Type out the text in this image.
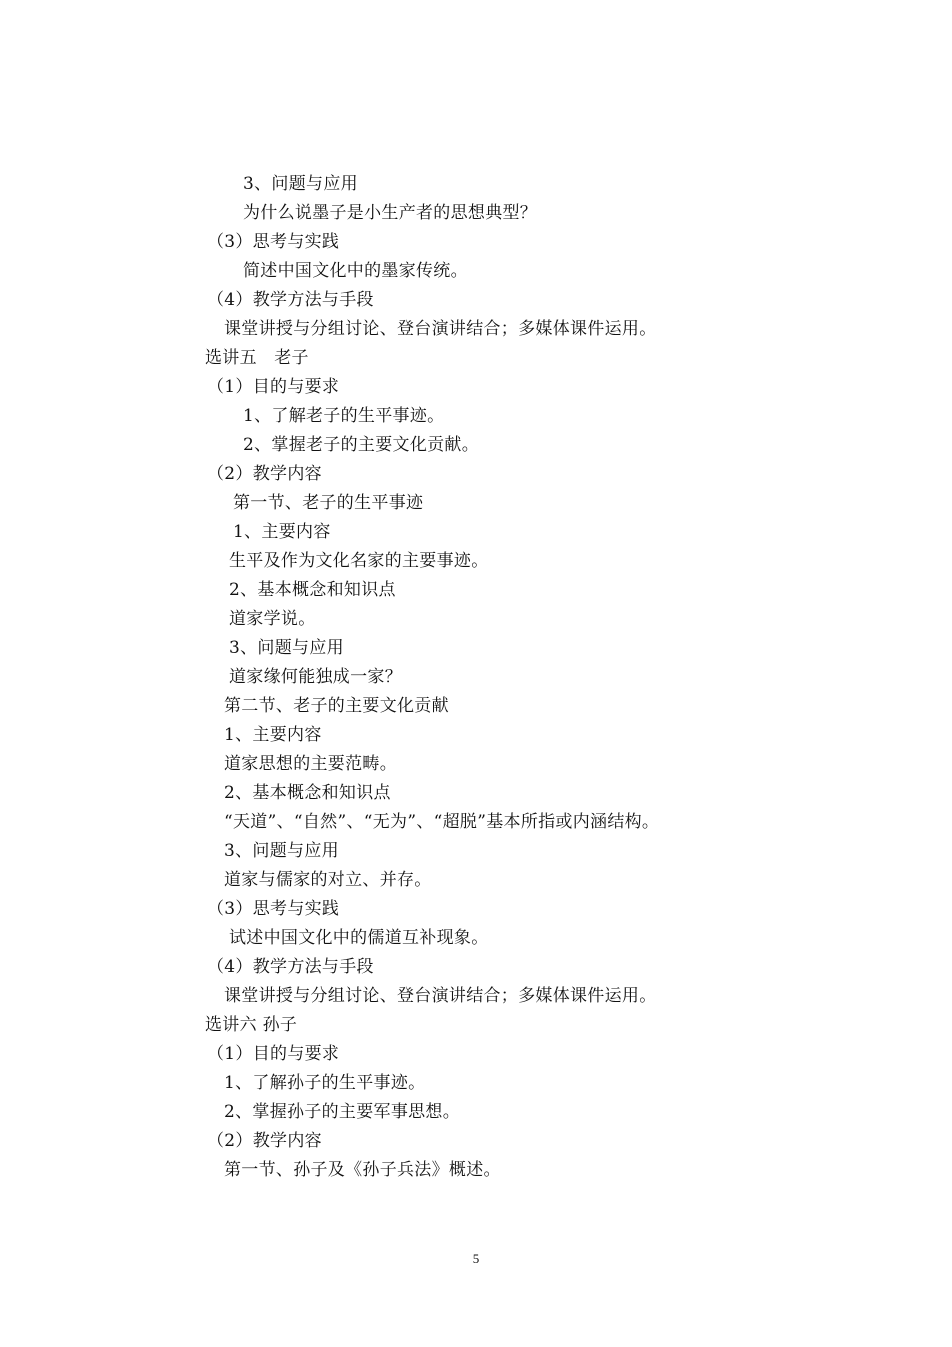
3、问题与应用
为什么说墨子是小生产者的思想典型？
（3）思考与实践
简述中国文化中的墨家传统。
（4）教学方法与手段
课堂讲授与分组讨论、登台演讲结合；多媒体课件运用。
选讲五　老子
（1）目的与要求
1、了解老子的生平事迹。
2、掌握老子的主要文化贡献。
（2）教学内容
第一节、老子的生平事迹
1、主要内容
生平及作为文化名家的主要事迹。
2、基本概念和知识点
道家学说。
3、问题与应用
道家缘何能独成一家？
第二节、老子的主要文化贡献
1、主要内容
道家思想的主要范畴。
2、基本概念和知识点
“天道”、“自然”、“无为”、“超脱”基本所指或内涵结构。
3、问题与应用
道家与儒家的对立、并存。
（3）思考与实践
试述中国文化中的儒道互补现象。
（4）教学方法与手段
课堂讲授与分组讨论、登台演讲结合；多媒体课件运用。
选讲六 孙子
（1）目的与要求
1、了解孙子的生平事迹。
2、掌握孙子的主要军事思想。
（2）教学内容
第一节、孙子及《孙子兵法》概述。
5
